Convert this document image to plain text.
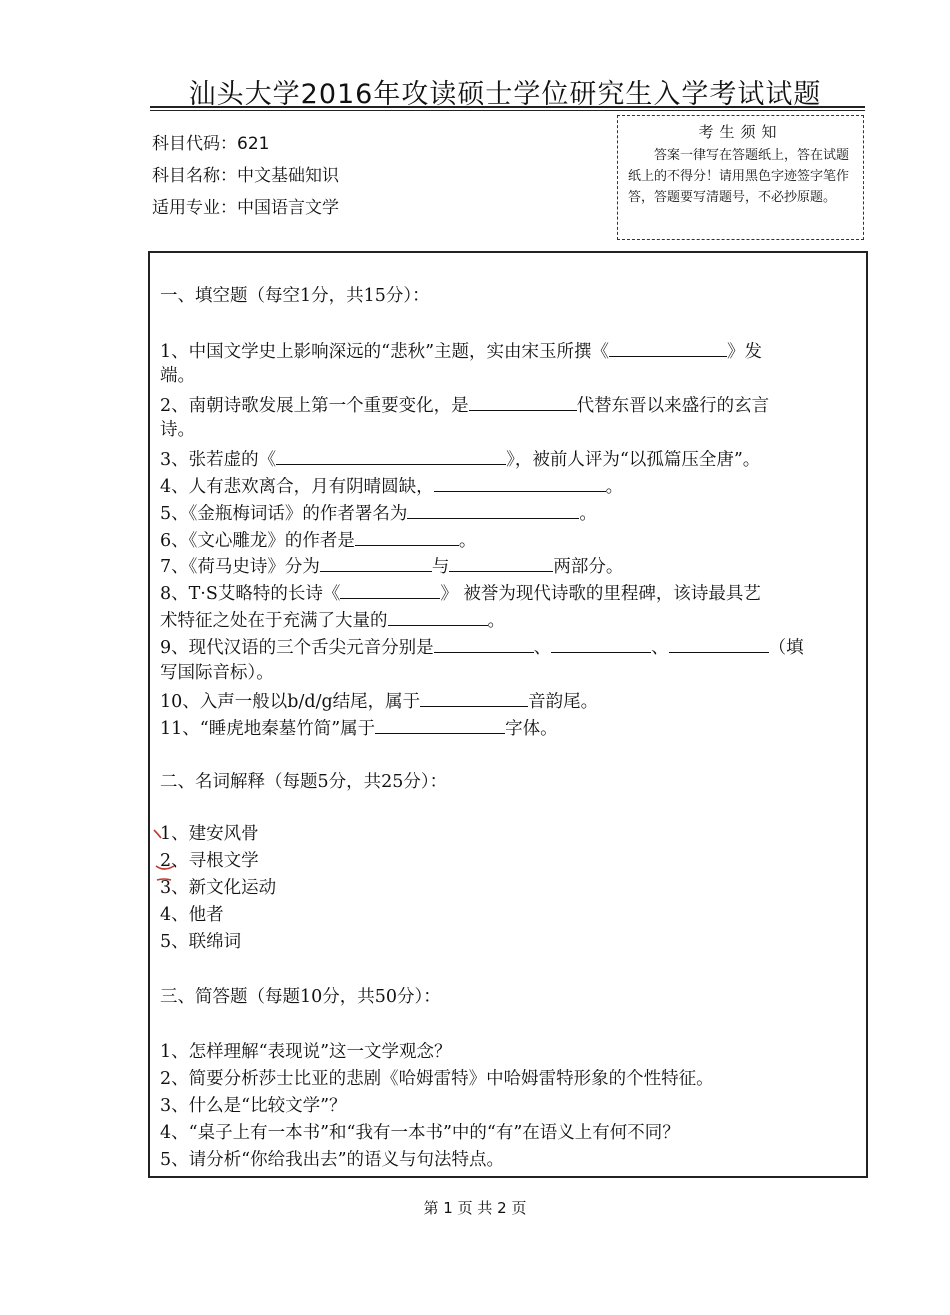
汕头大学2016年攻读硕士学位研究生入学考试试题
科目代码：621
科目名称：中文基础知识
适用专业：中国语言文学
考生须知
答案一律写在答题纸上，答在试题纸上的不得分！请用黑色字迹签字笔作答，答题要写清题号，不必抄原题。
一、填空题（每空1分，共15分）：
1、中国文学史上影响深远的“悲秋”主题，实由宋玉所撰《	》发
端。
2、南朝诗歌发展上第一个重要变化，是	代替东晋以来盛行的玄言
诗。
3、张若虚的《	》，被前人评为“以孤篇压全唐”。
4、人有悲欢离合，月有阴晴圆缺，	。
5、《金瓶梅词话》的作者署名为	。
6、《文心雕龙》的作者是	。
7、《荷马史诗》分为	与	两部分。
8、T·S艾略特的长诗《	》 被誉为现代诗歌的里程碑，该诗最具艺
术特征之处在于充满了大量的	。
9、现代汉语的三个舌尖元音分别是	、	、	（填
写国际音标）。
10、入声一般以b/d/g结尾，属于	音韵尾。
11、“睡虎地秦墓竹简”属于	字体。
二、名词解释（每题5分，共25分）：
1、建安风骨
2、寻根文学
3、新文化运动
4、他者
5、联绵词
三、简答题（每题10分，共50分）：
1、怎样理解“表现说”这一文学观念？
2、简要分析莎士比亚的悲剧《哈姆雷特》中哈姆雷特形象的个性特征。
3、什么是“比较文学”？
4、“桌子上有一本书”和“我有一本书”中的“有”在语义上有何不同？
5、请分析“你给我出去”的语义与句法特点。
第 1 页 共 2 页
